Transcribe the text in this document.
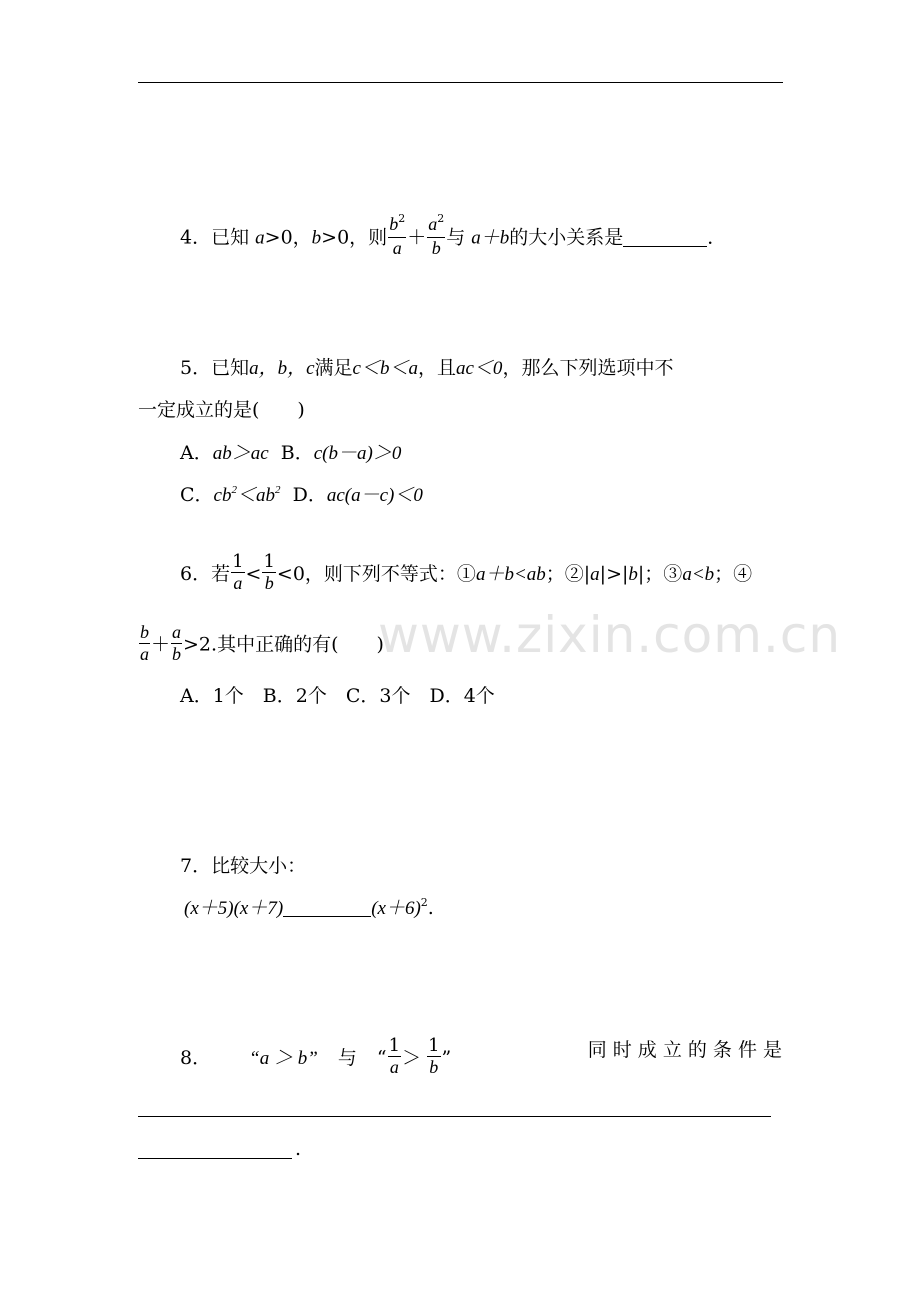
www.zixin.com.cn
4．已知 a>0，b>0，则 $\frac{b^2}{a} + \frac{a^2}{b}$ 与 a＋b的大小关系是	．
5．已知a，b，c满足c＜b＜a，且ac＜0，那么下列选项中不
一定成立的是(　　)
A．ab＞ac B．c(b－a)＞0
C．$cb^2<ab^2$ D．ac(a－c)＜0
6．若 $\frac{1}{a} < \frac{1}{b} <0$，则下列不等式：①a＋b<ab；②|a|>|b|；③a<b；④
$\frac{b}{a} + \frac{a}{b} >2$.其中正确的有(　　)
A．1个　B．2个　C．3个　D．4个
7．比较大小：
(x＋5)(x＋7)	$(x+6)^2$.
8． “a ＞ b” 与 “ $\frac{1}{a} > \frac{1}{b}$ ”	同 时 成 立 的 条 件 是
.
